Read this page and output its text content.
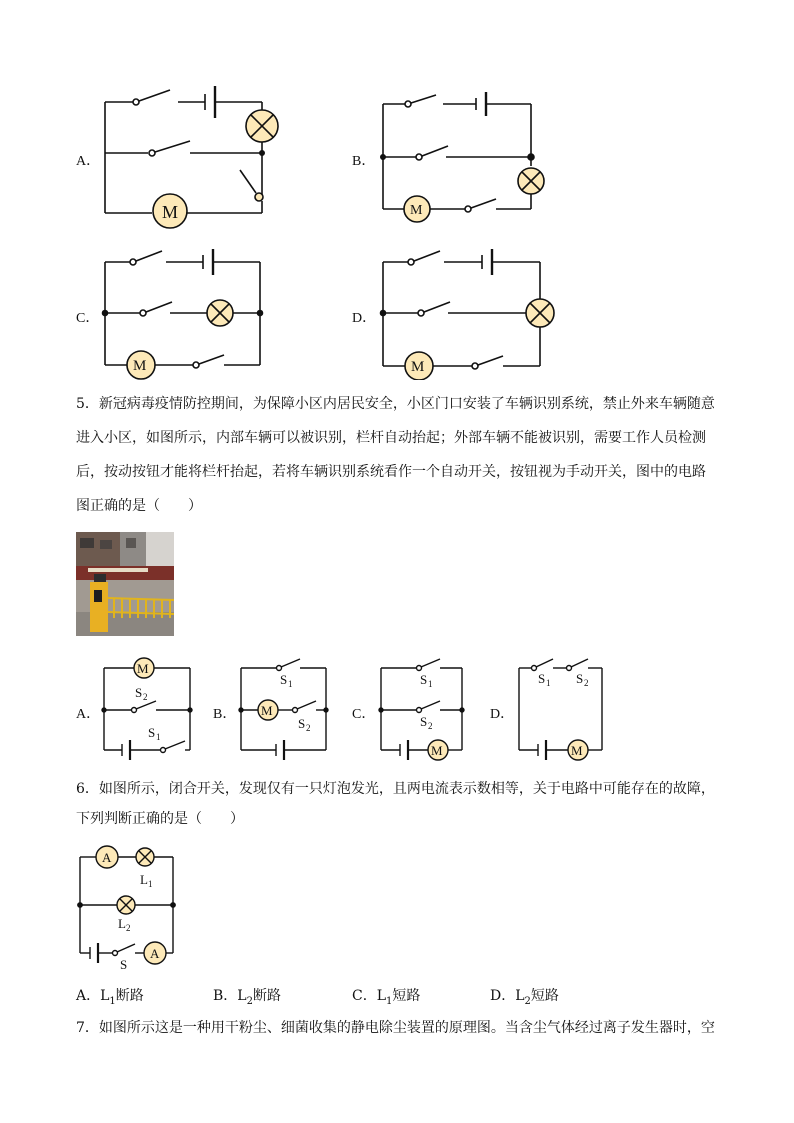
A．	B．
C．	D．
M	M
M	M
5．新冠病毒疫情防控期间，为保障小区内居民安全，小区门口安装了车辆识别系统，禁止外来车辆随意
进入小区，如图所示，内部车辆可以被识别，栏杆自动抬起；外部车辆不能被识别，需要工作人员检测
后，按动按钮才能将栏杆抬起，若将车辆识别系统看作一个自动开关，按钮视为手动开关，图中的电路
图正确的是（　　）
A．	B．	C．	D．
M
S 2
S 1
M
S 1
S 2
S 1
S 2
M
S 1 S 2
M
6．如图所示，闭合开关，发现仅有一只灯泡发光，且两电流表示数相等，关于电路中可能存在的故障，
下列判断正确的是（　　）
A
L 1
L 2
S
A
A．$L_1$断路	B．$L_2$断路	C．$L_1$短路	D．$L_2$短路
7．如图所示这是一种用干粉尘、细菌收集的静电除尘装置的原理图。当含尘气体经过离子发生器时，空
